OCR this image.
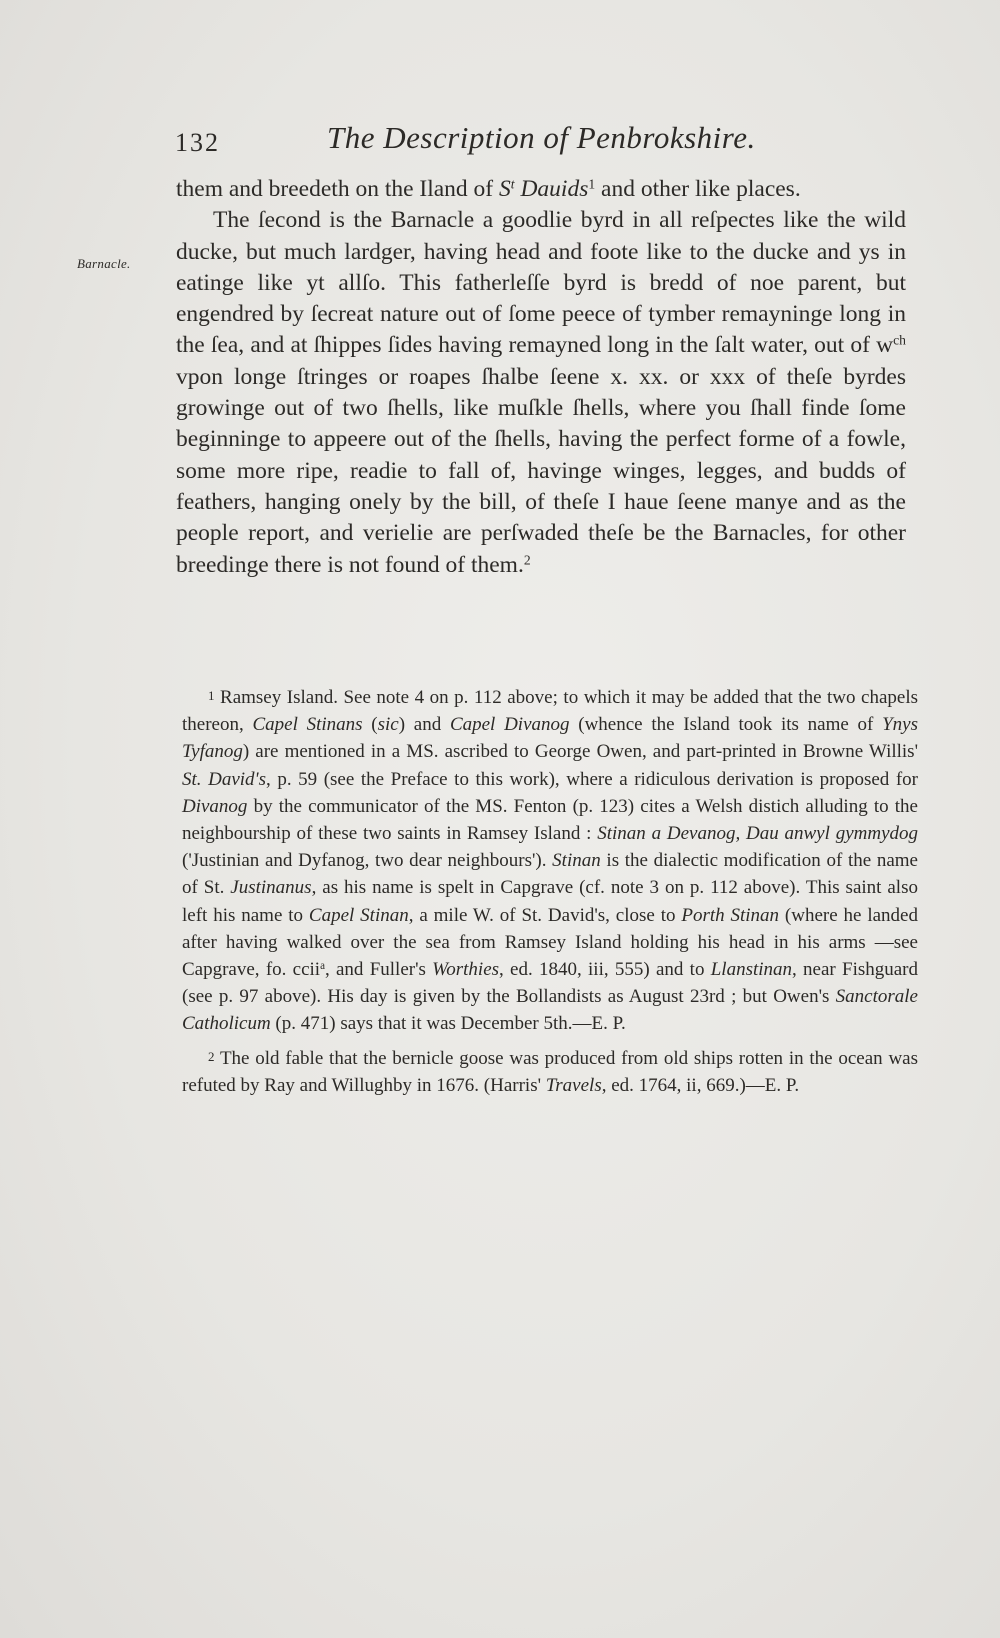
132	The Description of Penbrokshire.
Barnacle.

them and breedeth on the Iland of $S^t$ Dauids$^1$ and other like places.

The ſecond is the Barnacle a goodlie byrd in all reſpectes like the wild ducke, but much lardger, having head and foote like to the ducke and ys in eatinge like yt allſo. This fatherleſſe byrd is bredd of noe parent, but engendred by ſecreat nature out of ſome peece of tymber remayninge long in the ſea, and at ſhippes ſides having remayned long in the ſalt water, out of $w^{ch}$ vpon longe ſtringes or roapes ſhalbe ſeene x. xx. or xxx of theſe byrdes growinge out of two ſhells, like muſkle ſhells, where you ſhall finde ſome beginninge to appeere out of the ſhells, having the perfect forme of a fowle, some more ripe, readie to fall of, havinge winges, legges, and budds of feathers, hanging onely by the bill, of theſe I haue ſeene manye and as the people report, and verielie are perſwaded theſe be the Barnacles, for other breedinge there is not found of them.$^2$

1 Ramsey Island. See note 4 on p. 112 above; to which it may be added that the two chapels thereon, Capel Stinans (sic) and Capel Divanog (whence the Island took its name of Ynys Tyfanog) are mentioned in a MS. ascribed to George Owen, and part-printed in Browne Willis' St. David's, p. 59 (see the Preface to this work), where a ridiculous derivation is proposed for Divanog by the communicator of the MS. Fenton (p. 123) cites a Welsh distich alluding to the neighbourship of these two saints in Ramsey Island : Stinan a Devanog, Dau anwyl gymmydog ('Justinian and Dyfanog, two dear neighbours'). Stinan is the dialectic modification of the name of St. Justinanus, as his name is spelt in Capgrave (cf. note 3 on p. 112 above). This saint also left his name to Capel Stinan, a mile W. of St. David's, close to Porth Stinan (where he landed after having walked over the sea from Ramsey Island holding his head in his arms —see Capgrave, fo. ccii$^a$, and Fuller's Worthies, ed. 1840, iii, 555) and to Llanstinan, near Fishguard (see p. 97 above). His day is given by the Bollandists as August 23rd ; but Owen's Sanctorale Catholicum (p. 471) says that it was December 5th.—E. P.

2 The old fable that the bernicle goose was produced from old ships rotten in the ocean was refuted by Ray and Willughby in 1676. (Harris' Travels, ed. 1764, ii, 669.)—E. P.
